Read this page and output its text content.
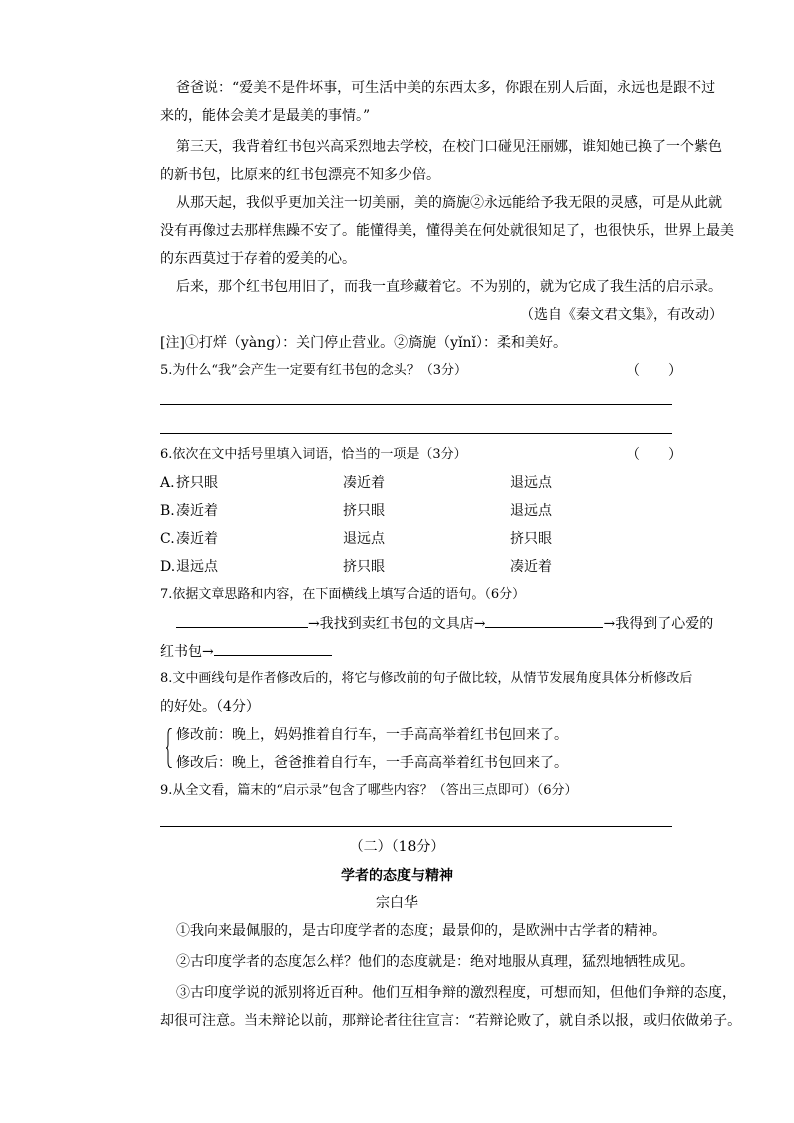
爸爸说：“爱美不是件坏事，可生活中美的东西太多，你跟在别人后面，永远也是跟不过
来的，能体会美才是最美的事情。”
第三天，我背着红书包兴高采烈地去学校，在校门口碰见汪丽娜，谁知她已换了一个紫色
的新书包，比原来的红书包漂亮不知多少倍。
从那天起，我似乎更加关注一切美丽，美的旖旎②永远能给予我无限的灵感，可是从此就
没有再像过去那样焦躁不安了。能懂得美，懂得美在何处就很知足了，也很快乐，世界上最美
的东西莫过于存着的爱美的心。
后来，那个红书包用旧了，而我一直珍藏着它。不为别的，就为它成了我生活的启示录。
（选自《秦文君文集》，有改动）
[注]①打烊（yàng）：关门停止营业。②旖旎（yǐnǐ）：柔和美好。
5.为什么“我”会产生一定要有红书包的念头？（3分）	（　　）
6.依次在文中括号里填入词语，恰当的一项是（3分）	（　　）
A. 挤只眼	凑近着	退远点
B. 凑近着	挤只眼	退远点
C. 凑近着	退远点	挤只眼
D. 退远点	挤只眼	凑近着
7.依据文章思路和内容，在下面横线上填写合适的语句。（6分）
→我找到卖红书包的文具店→	→我得到了心爱的
红书包→
8.文中画线句是作者修改后的，将它与修改前的句子做比较，从情节发展角度具体分析修改后
的好处。（4分）
修改前：晚上，妈妈推着自行车，一手高高举着红书包回来了。
修改后：晚上，爸爸推着自行车，一手高高举着红书包回来了。
9.从全文看，篇末的“启示录”包含了哪些内容？（答出三点即可）（6分）
（二）（18分）
学者的态度与精神
宗白华
①我向来最佩服的，是古印度学者的态度；最景仰的，是欧洲中古学者的精神。
②古印度学者的态度怎么样？他们的态度就是：绝对地服从真理，猛烈地牺牲成见。
③古印度学说的派别将近百种。他们互相争辩的激烈程度，可想而知，但他们争辩的态度，
却很可注意。当未辩论以前，那辩论者往往宣言：“若辩论败了，就自杀以报，或归依做弟子。
